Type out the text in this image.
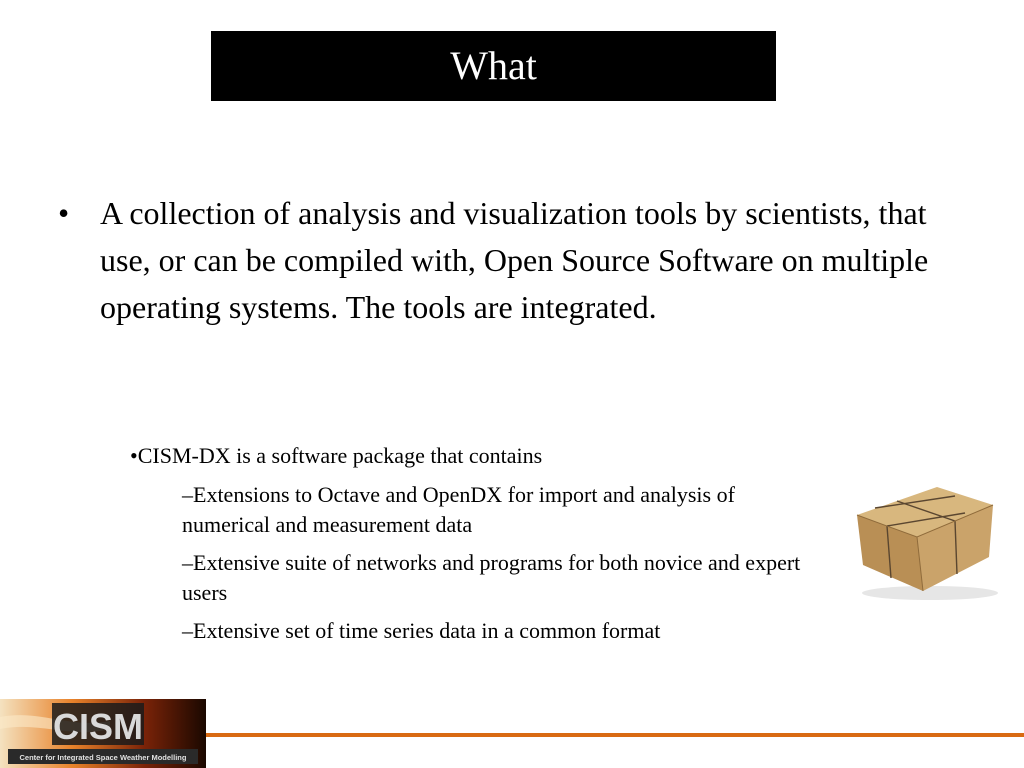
What
• A collection of analysis and visualization tools by scientists, that use, or can be compiled with, Open Source Software on multiple operating systems. The tools are integrated.
•CISM-DX is a software package that contains
–Extensions to Octave and OpenDX for import and analysis of numerical and measurement data
–Extensive suite of networks and programs for both novice and expert users
–Extensive set of time series data in a common format
CISM
Center for Integrated Space Weather Modelling
